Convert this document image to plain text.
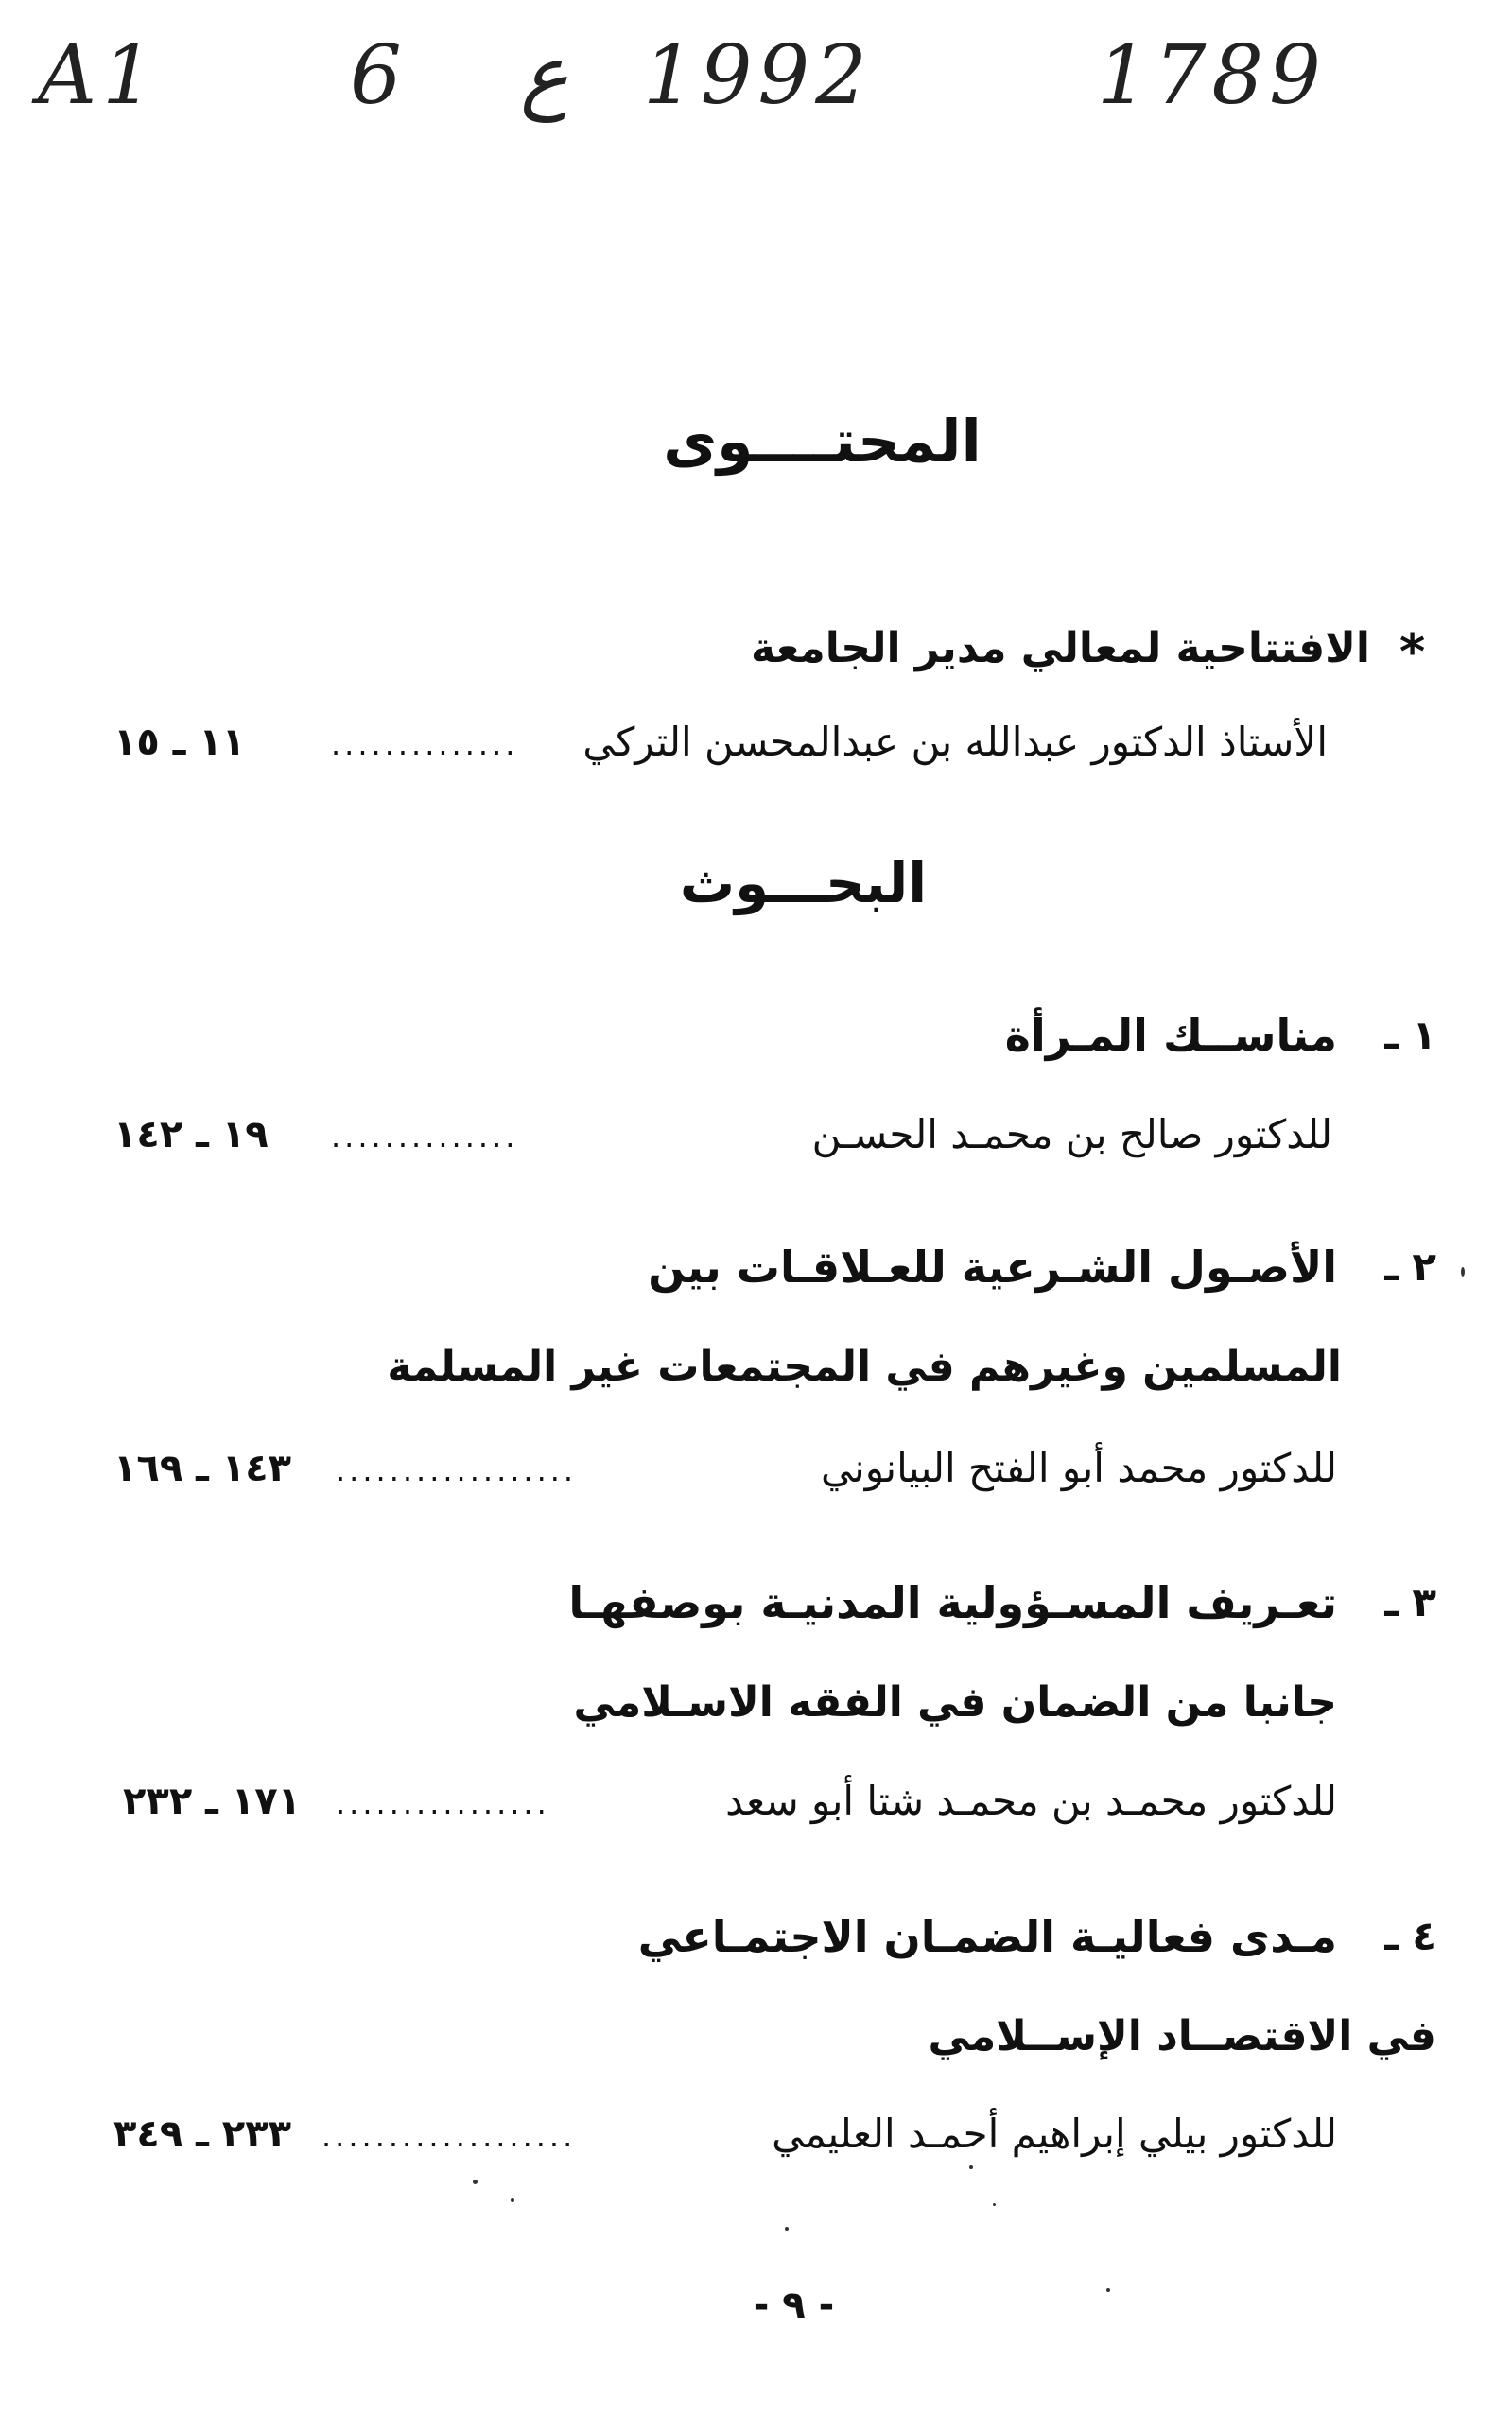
A1 6 ع 1992	1789
المحتــــوى
*
الافتتاحية لمعالي مدير الجامعة
الأستاذ الدكتور عبدالله بن عبدالمحسن التركي
..............
١١ ـ ١٥
البحـــوث
١ ـ
مناســك المـرأة
للدكتور صالح بن محمـد الحسـن
..............
١٩ ـ ١٤٢
٢ ـ
الأصـول الشـرعية للعـلاقـات بين
المسلمين وغيرهم في المجتمعات غير المسلمة
للدكتور محمد أبو الفتح البيانوني
..................
١٤٣ ـ ١٦٩
٣ ـ
تعـريف المسـؤولية المدنيـة بوصفهـا
جانبا من الضمان في الفقه الاسـلامي
للدكتور محمـد بن محمـد شتا أبو سعد
................
١٧١ ـ ٢٣٢
٤ ـ
مـدى فعاليـة الضمـان الاجتمـاعي
في الاقتصــاد الإســلامي
للدكتور بيلي إبراهيم أحمـد العليمي
...................
٢٣٣ ـ ٣٤٩
- ٩ -
